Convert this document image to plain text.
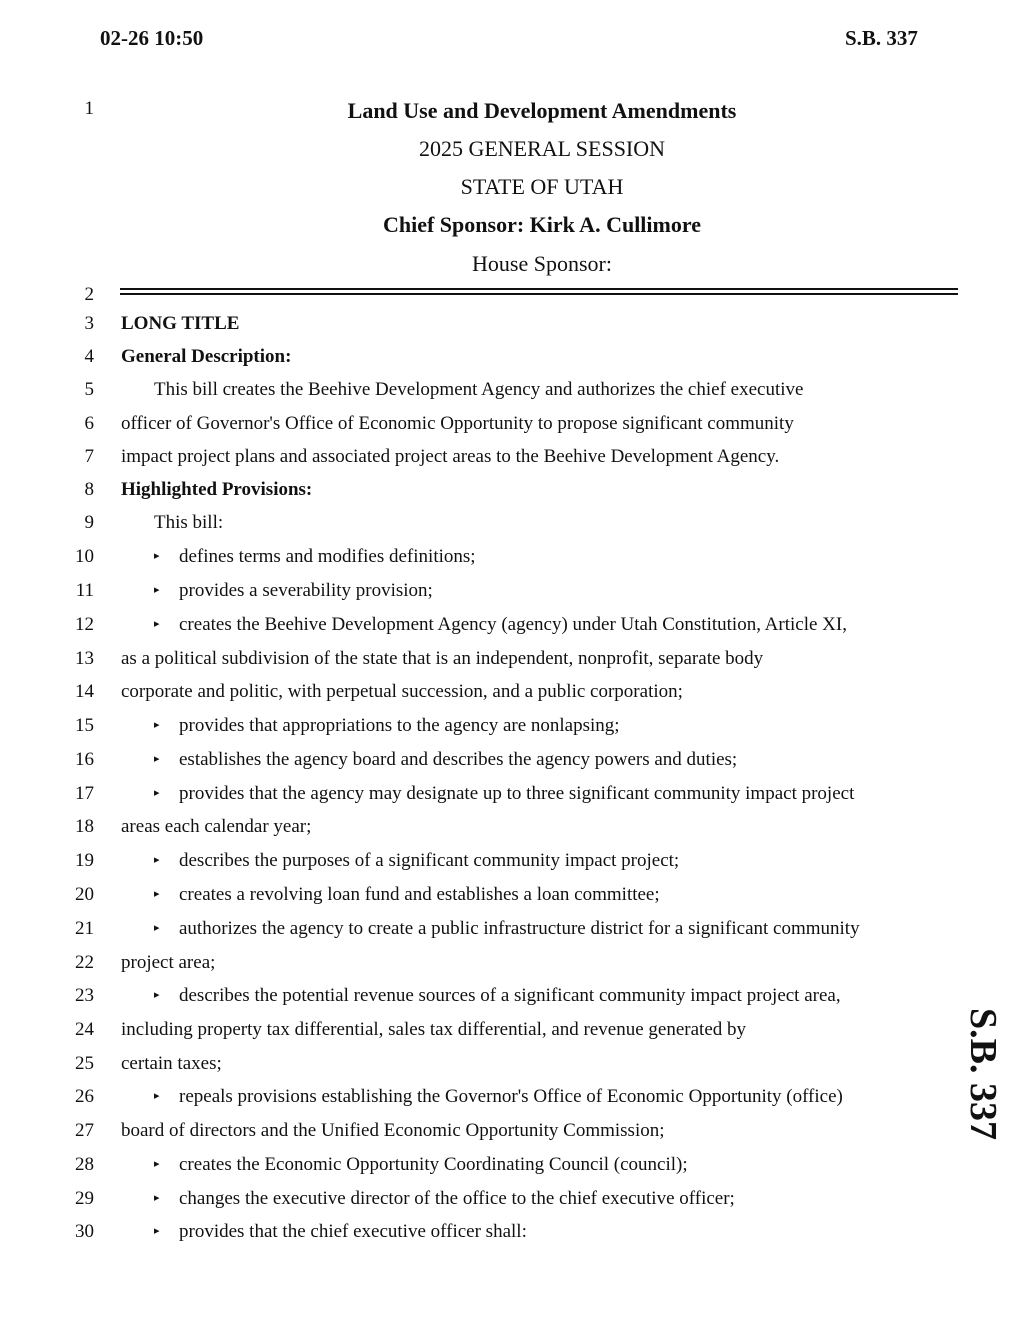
02-26 10:50	S.B. 337
1
2
3
4
5
6
7
8
9
10
11
12
13
14
15
16
17
18
19
20
21
22
23
24
25
26
27
28
29
30
Land Use and Development Amendments
2025 GENERAL SESSION
STATE OF UTAH
Chief Sponsor: Kirk A. Cullimore
House Sponsor:
LONG TITLE
General Description:
This bill creates the Beehive Development Agency and authorizes the chief executive
officer of Governor's Office of Economic Opportunity to propose significant community
impact project plans and associated project areas to the Beehive Development Agency.
Highlighted Provisions:
This bill:
▸ defines terms and modifies definitions;
▸ provides a severability provision;
▸ creates the Beehive Development Agency (agency) under Utah Constitution, Article XI,
as a political subdivision of the state that is an independent, nonprofit, separate body
corporate and politic, with perpetual succession, and a public corporation;
▸ provides that appropriations to the agency are nonlapsing;
▸ establishes the agency board and describes the agency powers and duties;
▸ provides that the agency may designate up to three significant community impact project
areas each calendar year;
▸ describes the purposes of a significant community impact project;
▸ creates a revolving loan fund and establishes a loan committee;
▸ authorizes the agency to create a public infrastructure district for a significant community
project area;
▸ describes the potential revenue sources of a significant community impact project area,
including property tax differential, sales tax differential, and revenue generated by
certain taxes;
▸ repeals provisions establishing the Governor's Office of Economic Opportunity (office)
board of directors and the Unified Economic Opportunity Commission;
▸ creates the Economic Opportunity Coordinating Council (council);
▸ changes the executive director of the office to the chief executive officer;
▸ provides that the chief executive officer shall:
S.B. 337
